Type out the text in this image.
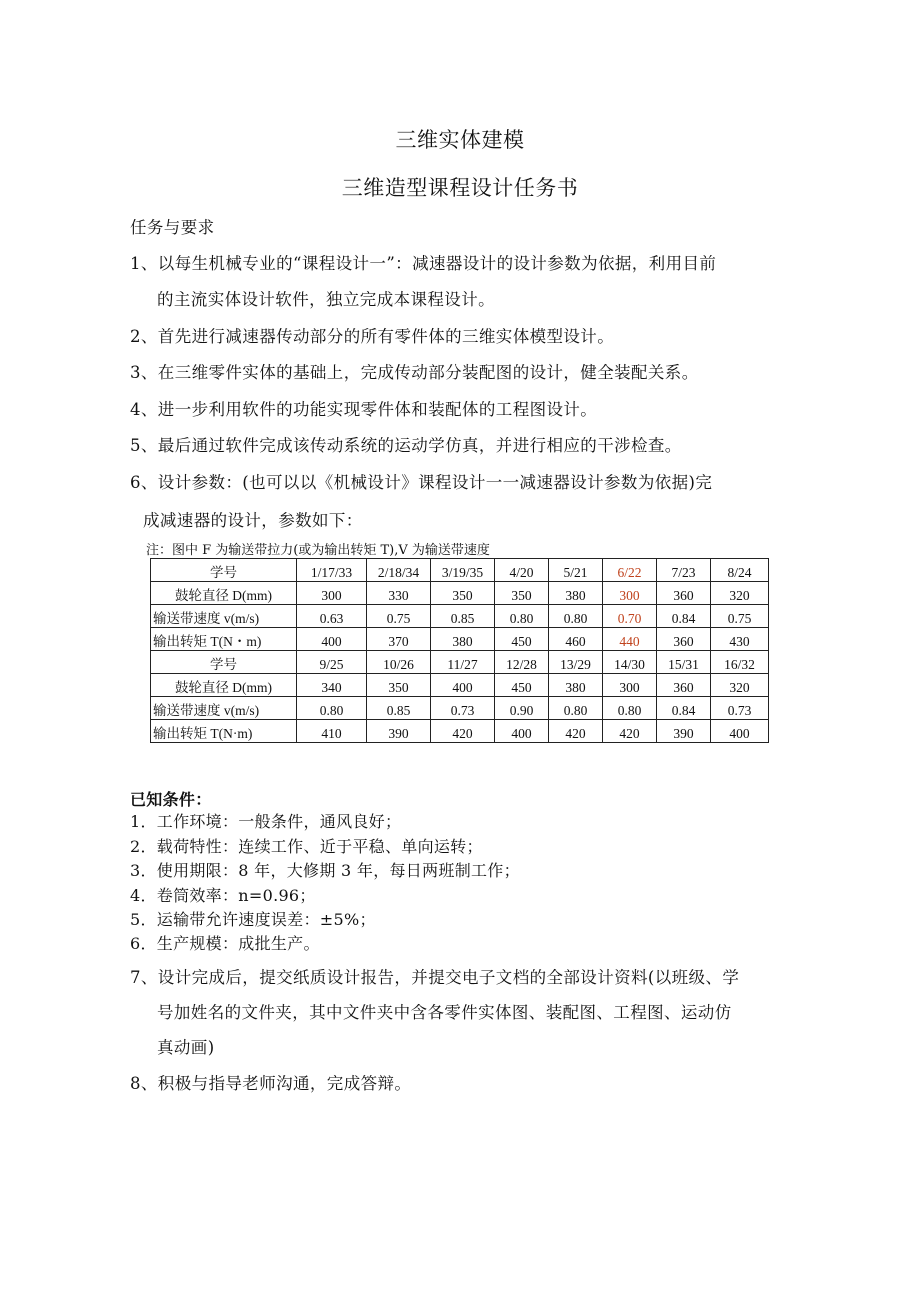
三维实体建模
三维造型课程设计任务书
任务与要求
1、以每生机械专业的“课程设计一”：减速器设计的设计参数为依据，利用目前
的主流实体设计软件，独立完成本课程设计。
2、首先进行减速器传动部分的所有零件体的三维实体模型设计。
3、在三维零件实体的基础上，完成传动部分装配图的设计，健全装配关系。
4、进一步利用软件的功能实现零件体和装配体的工程图设计。
5、最后通过软件完成该传动系统的运动学仿真，并进行相应的干涉检查。
6、设计参数：(也可以以《机械设计》课程设计一一减速器设计参数为依据)完
成减速器的设计，参数如下：
注：图中 F 为输送带拉力(或为输出转矩 T),V 为输送带速度
学号	1/17/33	2/18/34	3/19/35	4/20	5/21	6/22	7/23	8/24
鼓轮直径 D(mm)	300	330	350	350	380	300	360	320
输送带速度 v(m/s)	0.63	0.75	0.85	0.80	0.80	0.70	0.84	0.75
输出转矩 T(N・m)	400	370	380	450	460	440	360	430
学号	9/25	10/26	11/27	12/28	13/29	14/30	15/31	16/32
鼓轮直径 D(mm)	340	350	400	450	380	300	360	320
输送带速度 v(m/s)	0.80	0.85	0.73	0.90	0.80	0.80	0.84	0.73
输出转矩 T(N·m)	410	390	420	400	420	420	390	400
已知条件：
1．工作环境：一般条件，通风良好；
2．载荷特性：连续工作、近于平稳、单向运转；
3．使用期限：8 年，大修期 3 年，每日两班制工作；
4．卷筒效率：n=0.96；
5．运输带允许速度误差：±5%；
6．生产规模：成批生产。
7、设计完成后，提交纸质设计报告，并提交电子文档的全部设计资料(以班级、学
号加姓名的文件夹，其中文件夹中含各零件实体图、装配图、工程图、运动仿
真动画)
8、积极与指导老师沟通，完成答辩。
